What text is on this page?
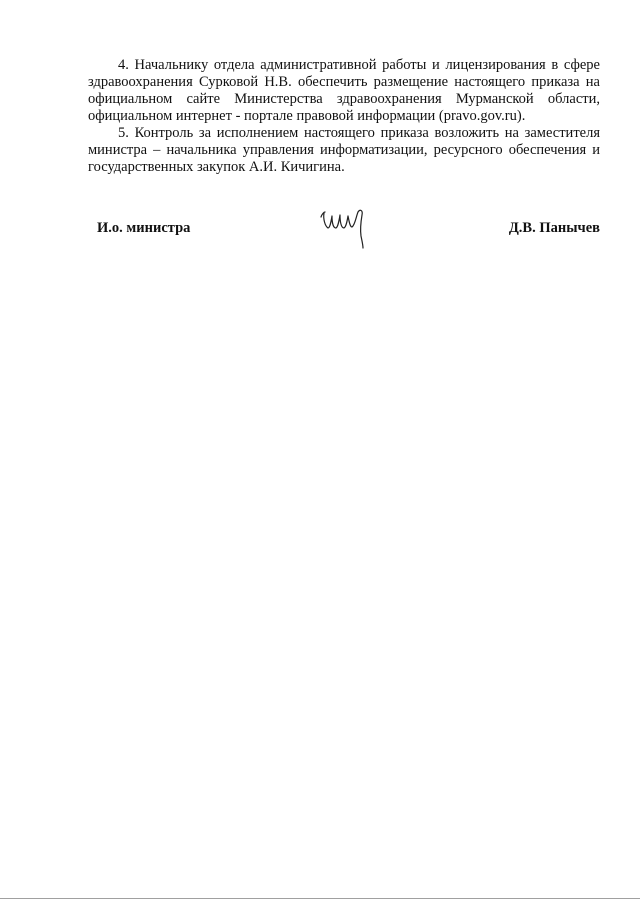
4. Начальнику отдела административной работы и лицензирования в сфере
здравоохранения Сурковой Н.В. обеспечить размещение настоящего приказа на
официальном сайте Министерства здравоохранения Мурманской области,
официальном интернет - портале правовой информации (pravo.gov.ru).
5. Контроль за исполнением настоящего приказа возложить на заместителя
министра – начальника управления информатизации, ресурсного обеспечения и
государственных закупок А.И. Кичигина.
И.о. министра	Д.В. Панычев
